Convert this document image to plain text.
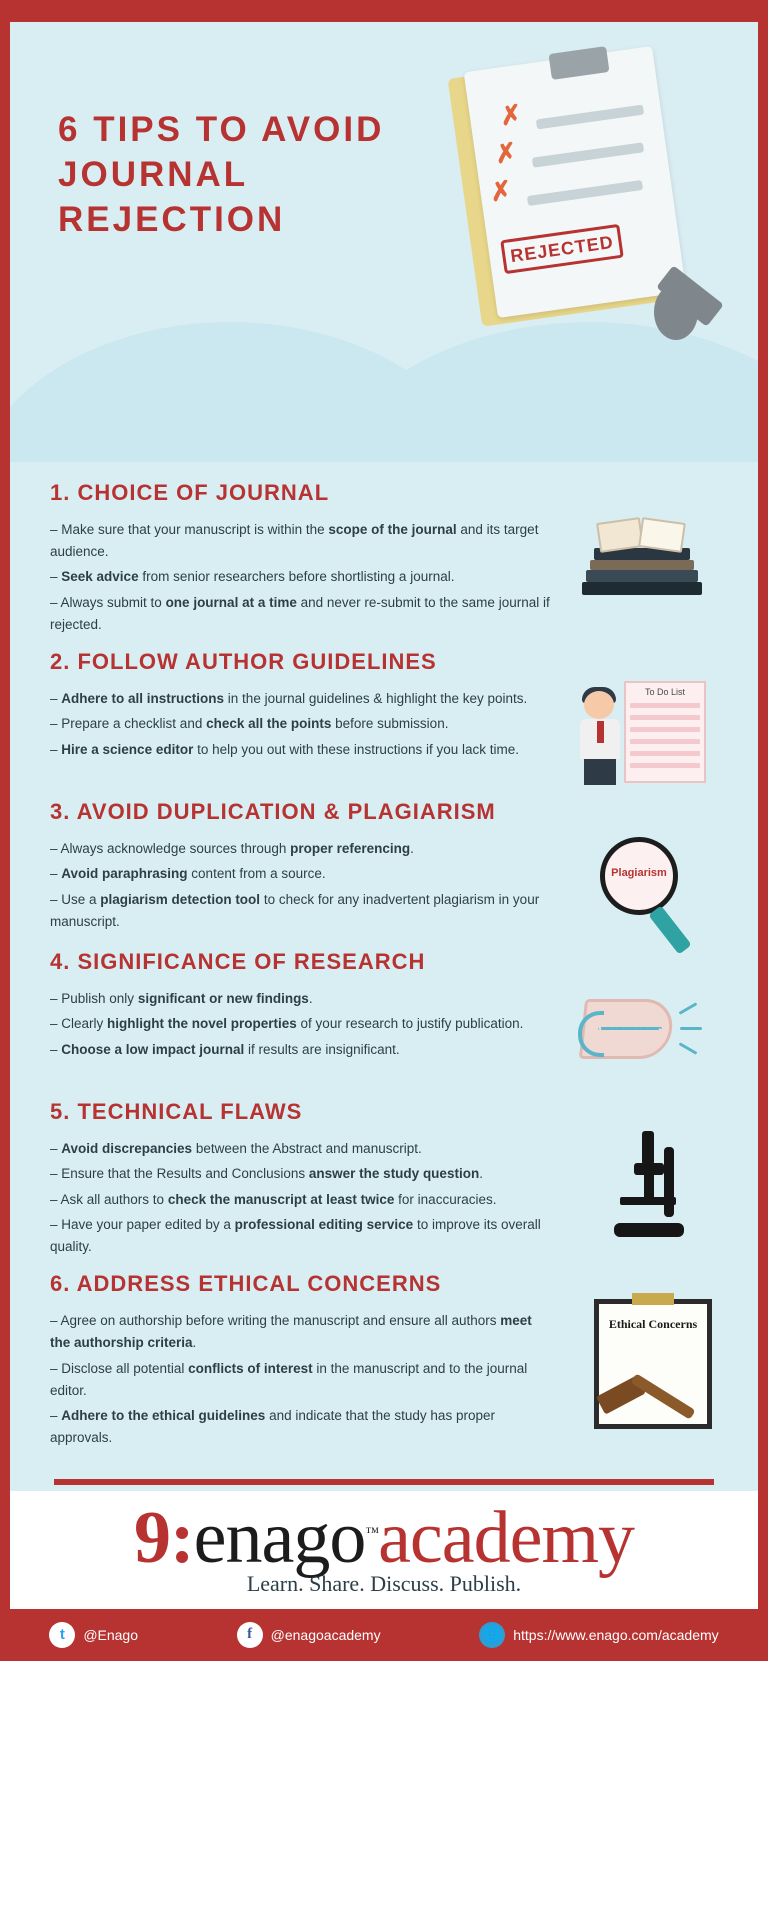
6 TIPS TO AVOID JOURNAL REJECTION
✗
✗
✗
REJECTED
1. CHOICE OF JOURNAL

– Make sure that your manuscript is within the scope of the journal and its target audience.

– Seek advice from senior researchers before shortlisting a journal.

– Always submit to one journal at a time and never re-submit to the same journal if rejected.

2. FOLLOW AUTHOR GUIDELINES

– Adhere to all instructions in the journal guidelines & highlight the key points.

– Prepare a checklist and check all the points before submission.

– Hire a science editor to help you out with these instructions if you lack time.

To Do List
3. AVOID DUPLICATION & PLAGIARISM

– Always acknowledge sources through proper referencing.

– Avoid paraphrasing content from a source.

– Use a plagiarism detection tool to check for any inadvertent plagiarism in your manuscript.

Plagiarism
4. SIGNIFICANCE OF RESEARCH

– Publish only significant or new findings.

– Clearly highlight the novel properties of your research to justify publication.

– Choose a low impact journal if results are insignificant.

5. TECHNICAL FLAWS

– Avoid discrepancies between the Abstract and manuscript.

– Ensure that the Results and Conclusions answer the study question.

– Ask all authors to check the manuscript at least twice for inaccuracies.

– Have your paper edited by a professional editing service to improve its overall quality.

6. ADDRESS ETHICAL CONCERNS

– Agree on authorship before writing the manuscript and ensure all authors meet the authorship criteria.

– Disclose all potential conflicts of interest in the manuscript and to the journal editor.

– Adhere to the ethical guidelines and indicate that the study has proper approvals.

Ethical Concerns
9:enago™academy
Learn. Share. Discuss. Publish.
t	@Enago	f	@enagoacademy	🌐 https://www.enago.com/academy
